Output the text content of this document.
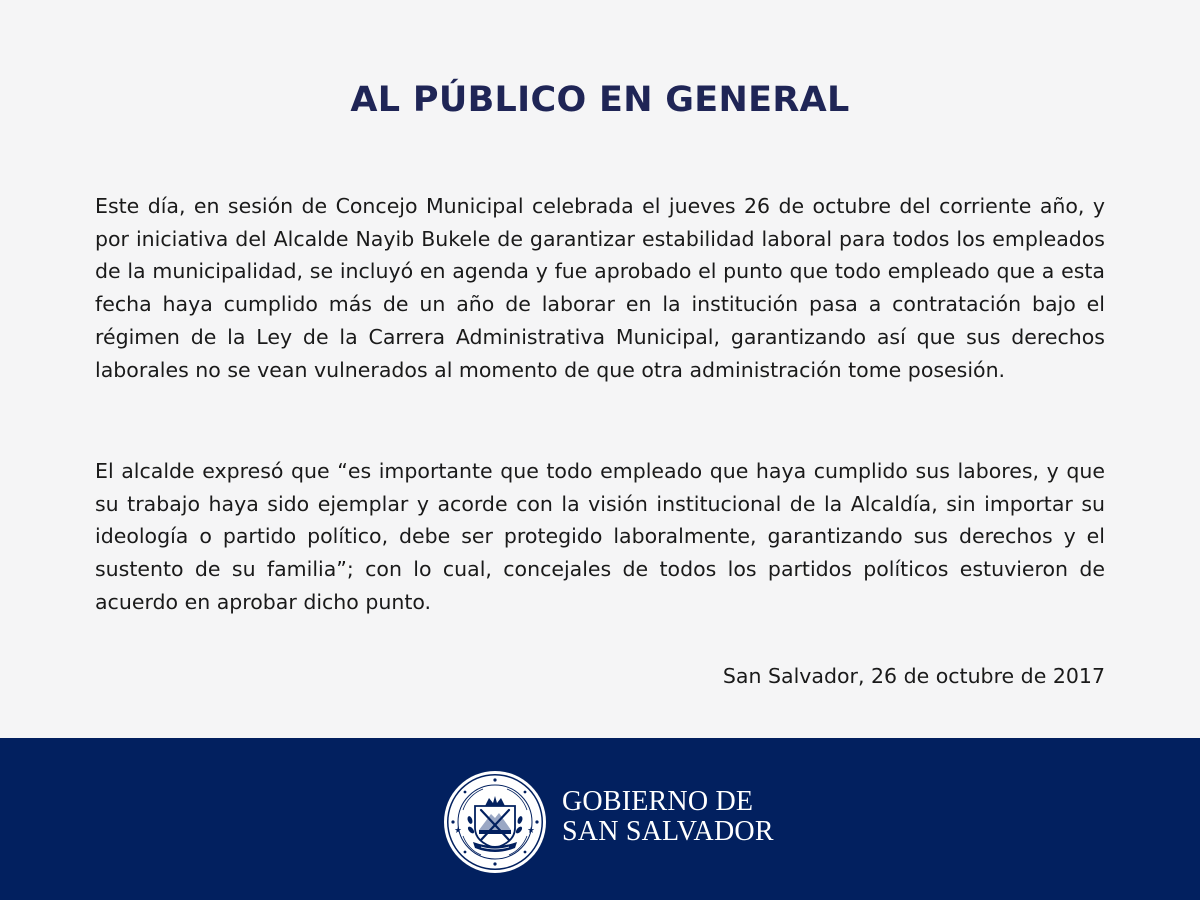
AL PÚBLICO EN GENERAL

Este día, en sesión de Concejo Municipal celebrada el jueves 26 de octubre del corriente año, y por iniciativa del Alcalde Nayib Bukele de garantizar estabilidad laboral para todos los empleados de la municipalidad, se incluyó en agenda y fue aprobado el punto que todo empleado que a esta fecha haya cumplido más de un año de laborar en la institución pasa a contratación bajo el régimen de la Ley de la Carrera Administrativa Municipal, garantizando así que sus derechos laborales no se vean vulnerados al momento de que otra administración tome posesión.

El alcalde expresó que “es importante que todo empleado que haya cumplido sus labores, y que su trabajo haya sido ejemplar y acorde con la visión institucional de la Alcaldía, sin importar su ideología o partido político, debe ser protegido laboralmente, garantizando sus derechos y el sustento de su familia”; con lo cual, concejales de todos los partidos políticos estuvieron de acuerdo en aprobar dicho punto.

San Salvador, 26 de octubre de 2017

GOBIERNO DE
SAN SALVADOR
